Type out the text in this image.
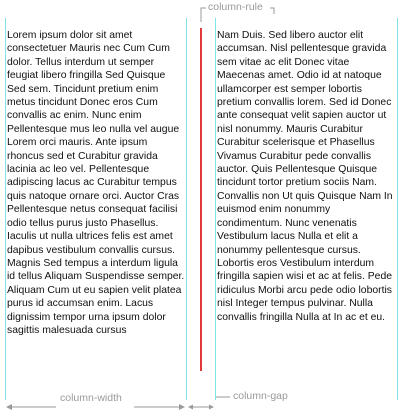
Lorem ipsum dolor sit amet consectetuer Mauris nec Cum Cum dolor. Tellus interdum ut semper feugiat libero fringilla Sed Quisque Sed sem. Tincidunt pretium enim metus tincidunt Donec eros Cum convallis ac enim. Nunc enim Pellentesque mus leo nulla vel augue Lorem orci mauris. Ante ipsum rhoncus sed et Curabitur gravida lacinia ac leo vel. Pellentesque adipiscing lacus ac Curabitur tempus quis natoque ornare orci. Auctor Cras Pellentesque netus consequat facilisi odio tellus purus justo Phasellus. Iaculis ut nulla ultrices felis est amet dapibus vestibulum convallis cursus. Magnis Sed tempus a interdum ligula id tellus Aliquam Suspendisse semper. Aliquam Cum ut eu sapien velit platea purus id accumsan enim. Lacus dignissim tempor urna ipsum dolor sagittis malesuada cursus

Nam Duis. Sed libero auctor elit accumsan. Nisl pellentesque gravida sem vitae ac elit Donec vitae Maecenas amet. Odio id at natoque ullamcorper est semper lobortis pretium convallis lorem. Sed id Donec ante consequat velit sapien auctor ut nisl nonummy. Mauris Curabitur Curabitur scelerisque et Phasellus Vivamus Curabitur pede convallis auctor. Quis Pellentesque Quisque tincidunt tortor pretium sociis Nam. Convallis non Ut quis Quisque Nam In euismod enim nonummy condimentum. Nunc venenatis Vestibulum lacus Nulla et elit a nonummy pellentesque cursus. Lobortis eros Vestibulum interdum fringilla sapien wisi et ac at felis. Pede ridiculus Morbi arcu pede odio lobortis nisl Integer tempus pulvinar. Nulla convallis fringilla Nulla at In ac et eu.

column-rule
column-width	column-gap
